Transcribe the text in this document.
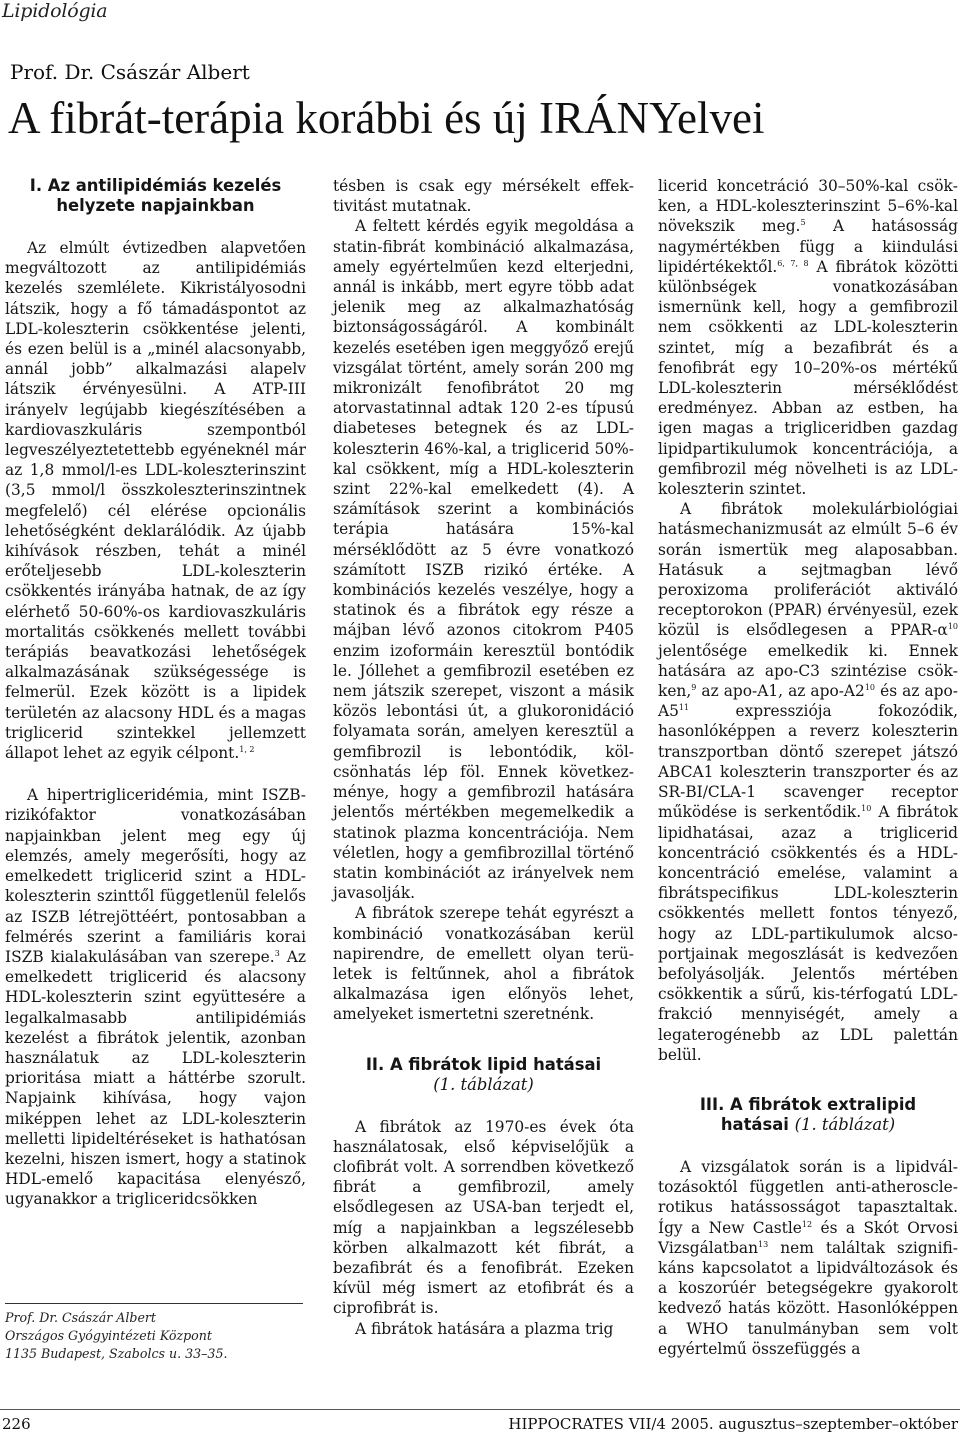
Lipidológia
Prof. Dr. Császár Albert
A fibrát-terápia korábbi és új IRÁNYelvei
I. Az antilipidémiás kezelés
helyzete napjainkban

Az elmúlt évtizedben alapvetően megváltozott az antilipidémiás kezelés szemlélete. Kikristályosodni látszik, hogy a fő támadáspontot az LDL-koleszterin csökkentése jelenti, és ezen belül is a „minél alacsonyabb, annál jobb” alkalmazási alapelv látszik érvényesülni. A ATP-III irányelv legújabb kiegészítésében a kardiovaszkuláris szempontból legveszélyeztetettebb egyéneknél már az 1,8 mmol/l-es LDL-koleszterinszint (3,5 mmol/l összkoleszterinszintnek megfelelő) cél elérése opcionális lehetőségként deklarálódik. Az újabb kihívások részben, tehát a minél erőteljesebb LDL-koleszterin csökkentés irányába hatnak, de az így elérhető 50-60%-os kardiovaszkuláris mortalitás csökkenés mellett további terápiás beavatkozási lehetőségek alkalmazásának szükségessége is felmerül. Ezek között is a lipidek területén az alacsony HDL és a magas triglicerid szintekkel jellemzett állapot lehet az egyik célpont.$^{1, 2}$

A hipertrigliceridémia, mint ISZB-rizikófaktor vonatkozásában napjainkban jelent meg egy új elemzés, amely megerősíti, hogy az emelkedett triglicerid szint a HDL-koleszterin szinttől függetlenül felelős az ISZB létrejöttéért, pontosabban a felmérés szerint a familiáris korai ISZB kialakulásában van szerepe.$^3$ Az emelkedett triglicerid és alacsony HDL-koleszterin szint együttesére a legalkalmasabb antilipidémiás kezelést a fibrátok jelentik, azonban használatuk az LDL-koleszterin prioritása miatt a háttérbe szorult. Napjaink kihívása, hogy vajon miképpen lehet az LDL-koleszterin melletti lipideltéréseket is hathatósan kezelni, hiszen ismert, hogy a statinok HDL-emelő kapacitása elenyésző, ugyanakkor a trigliceridcsökken

Prof. Dr. Császár Albert
Országos Gyógyintézeti Központ
1135 Budapest, Szabolcs u. 33–35.

tésben is csak egy mérsékelt effektivitást mutatnak.

A feltett kérdés egyik megoldása a statin-fibrát kombináció alkalmazása, amely egyértelműen kezd elterjedni, annál is inkább, mert egyre több adat jelenik meg az alkalmazhatóság biztonságosságáról. A kombinált kezelés esetében igen meggyőző erejű vizsgálat történt, amely során 200 mg mikronizált fenofibrátot 20 mg atorvastatinnal adtak 120 2-es típusú diabeteses betegnek és az LDL-koleszterin 46%-kal, a triglicerid 50%-kal csökkent, míg a HDL-koleszterin szint 22%-kal emelkedett (4). A számítások szerint a kombinációs terápia hatására 15%-kal mérséklődött az 5 évre vonatkozó számított ISZB rizikó értéke. A kombinációs kezelés veszélye, hogy a statinok és a fibrátok egy része a májban lévő azonos citokrom P405 enzim izoformáin keresztül bontódik le. Jóllehet a gemfibrozil esetében ez nem játszik szerepet, viszont a másik közös lebontási út, a glukoronidáció folyamata során, amelyen keresztül a gemfibrozil is lebontódik, kölcsönhatás lép föl. Ennek következménye, hogy a gemfibrozil hatására jelentős mértékben megemelkedik a statinok plazma koncentrációja. Nem véletlen, hogy a gemfibrozillal történő statin kombinációt az irányelvek nem javasolják.

A fibrátok szerepe tehát egyrészt a kombináció vonatkozásában kerül napirendre, de emellett olyan területek is feltűnnek, ahol a fibrátok alkalmazása igen előnyös lehet, amelyeket ismertetni szeretnénk.

II. A fibrátok lipid hatásai
(1. táblázat)

A fibrátok az 1970-es évek óta használatosak, első képviselőjük a clofibrát volt. A sorrendben következő fibrát a gemfibrozil, amely elsődlegesen az USA-ban terjedt el, míg a napjainkban a legszélesebb körben alkalmazott két fibrát, a bezafibrát és a fenofibrát. Ezeken kívül még ismert az etofibrát és a ciprofibrát is.

A fibrátok hatására a plazma trig

licerid koncetráció 30–50%-kal csökken, a HDL-koleszterinszint 5–6%-kal növekszik meg.$^5$ A hatásosság nagymértékben függ a kiindulási lipidértékektől.$^{6, 7, 8}$ A fibrátok közötti különbségek vonatkozásában ismernünk kell, hogy a gemfibrozil nem csökkenti az LDL-koleszterin szintet, míg a bezafibrát és a fenofibrát egy 10–20%-os mértékű LDL-koleszterin mérséklődést eredményez. Abban az estben, ha igen magas a trigliceridben gazdag lipidpartikulumok koncentrációja, a gemfibrozil még növelheti is az LDL-koleszterin szintet.

A fibrátok molekulárbiológiai hatásmechanizmusát az elmúlt 5–6 év során ismertük meg alaposabban. Hatásuk a sejtmagban lévő peroxizoma proliferációt aktiváló receptorokon (PPAR) érvényesül, ezek közül is elsődlegesen a PPAR-$\alpha^{10}$ jelentősége emelkedik ki. Ennek hatására az apo-C3 szintézise csökken,$^9$ az apo-A1, az apo-$A2^{10}$ és az apo-$A5^{11}$ expressziója fokozódik, hasonlóképpen a reverz koleszterin transzportban döntő szerepet játszó ABCA1 koleszterin transzporter és az SR-BI/CLA-1 scavenger receptor működése is serkentődik.$^{10}$ A fibrátok lipidhatásai, azaz a triglicerid koncentráció csökkentés és a HDL-koncentráció emelése, valamint a fibrátspecifikus LDL-koleszterin csökkentés mellett fontos tényező, hogy az LDL-partikulumok alcsoportjainak megoszlását is kedvezően befolyásolják. Jelentős mértében csökkentik a sűrű, kis-térfogatú LDL-frakció mennyiségét, amely a legaterogénebb az LDL palettán belül.

III. A fibrátok extralipid
hatásai (1. táblázat)

A vizsgálatok során is a lipidváltozásoktól független anti-atherosclerotikus hatássosságot tapasztaltak. Így a New Castle$^{12}$ és a Skót Orvosi Vizsgálatban$^{13}$ nem találtak szignifikáns kapcsolatot a lipidváltozások és a koszorúér betegségekre gyakorolt kedvező hatás között. Hasonlóképpen a WHO tanulmányban sem volt egyértelmű összefüggés a

226	HIPPOCRATES VII/4 2005. augusztus–szeptember–október
